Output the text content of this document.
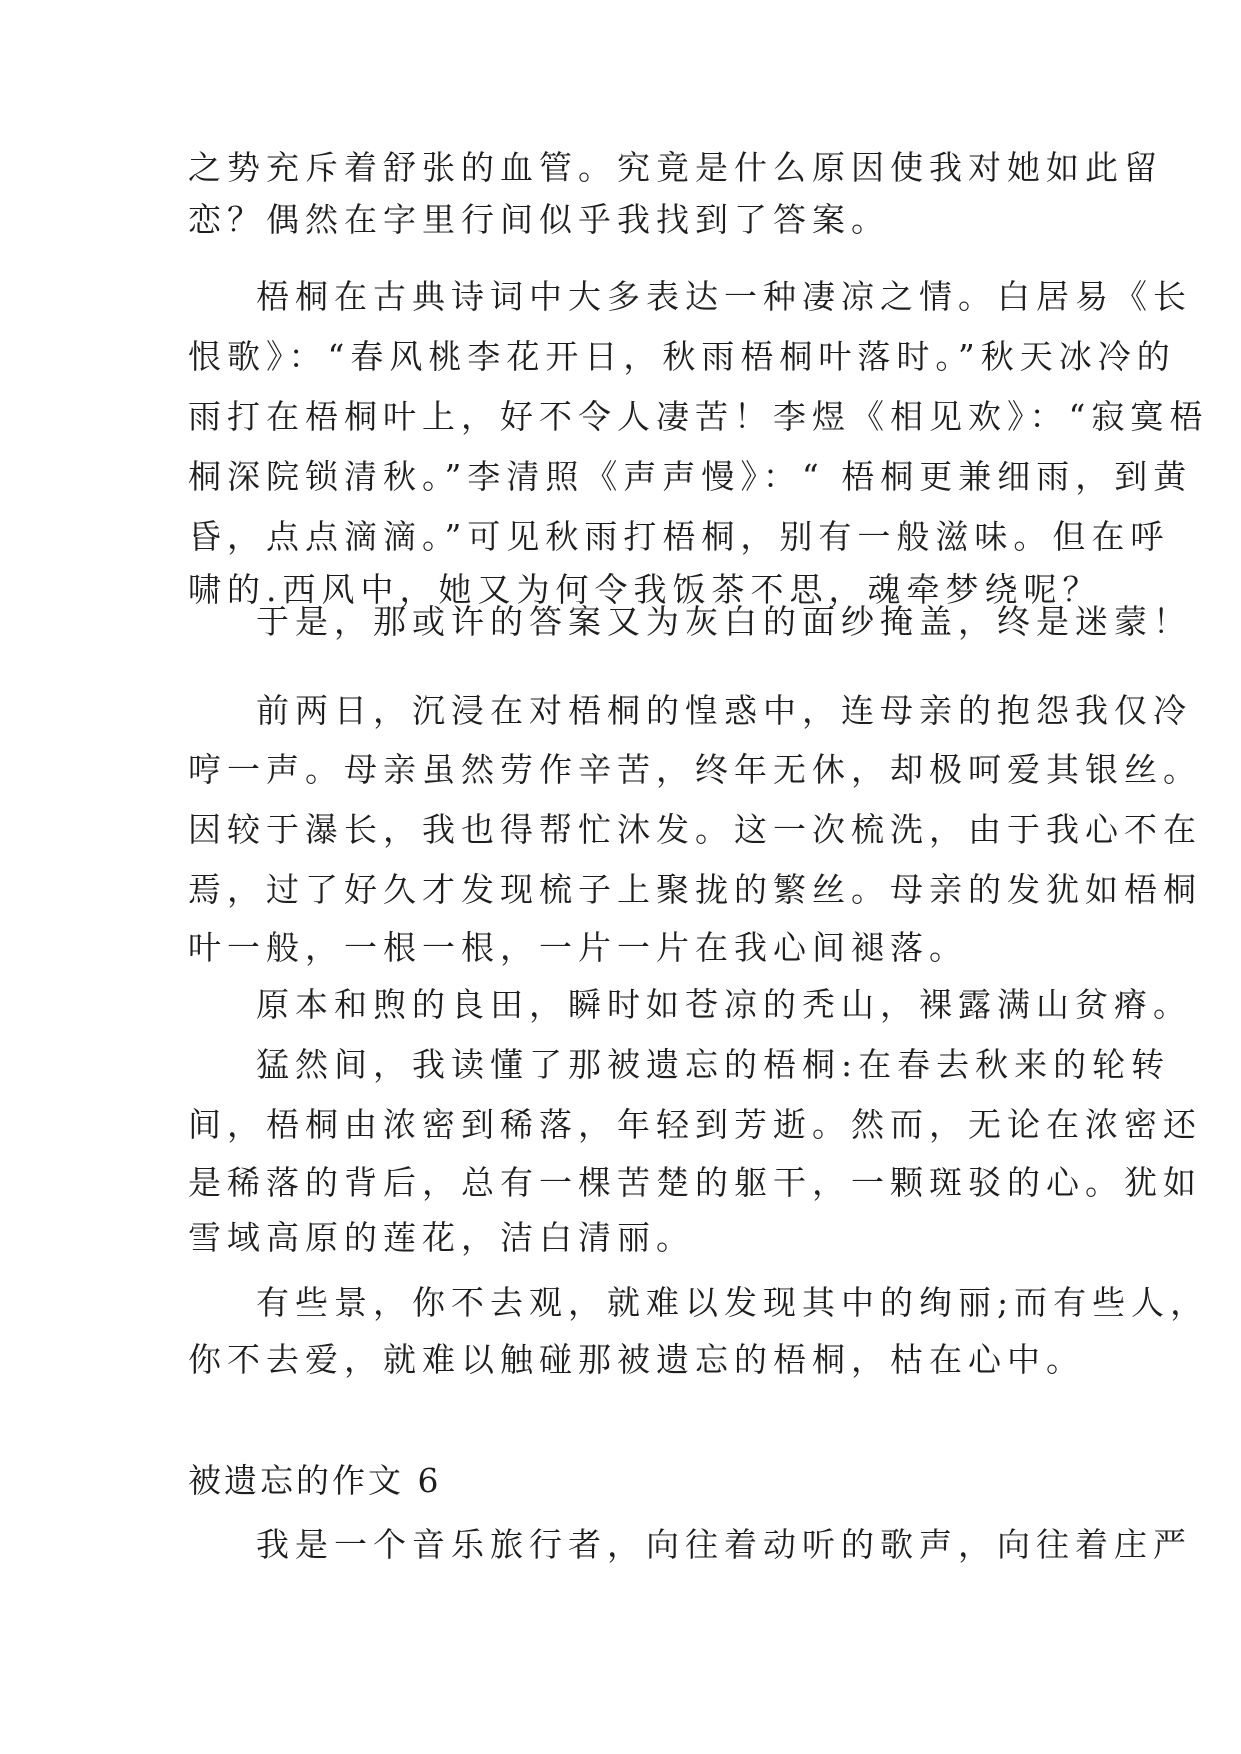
之势充斥着舒张的血管。究竟是什么原因使我对她如此留

恋？偶然在字里行间似乎我找到了答案。

梧桐在古典诗词中大多表达一种凄凉之情。白居易《长

恨歌》：“春风桃李花开日，秋雨梧桐叶落时。”秋天冰冷的

雨打在梧桐叶上，好不令人凄苦！李煜《相见欢》：“寂寞梧

桐深院锁清秋。”李清照《声声慢》：“ 梧桐更兼细雨，到黄

昏，点点滴滴。”可见秋雨打梧桐，别有一般滋味。但在呼

啸的.西风中，她又为何令我饭茶不思，魂牵梦绕呢？

于是，那或许的答案又为灰白的面纱掩盖，终是迷蒙！

前两日，沉浸在对梧桐的惶惑中，连母亲的抱怨我仅冷

哼一声。母亲虽然劳作辛苦，终年无休，却极呵爱其银丝。

因较于瀑长，我也得帮忙沐发。这一次梳洗，由于我心不在

焉，过了好久才发现梳子上聚拢的繁丝。母亲的发犹如梧桐

叶一般，一根一根，一片一片在我心间褪落。

原本和煦的良田，瞬时如苍凉的秃山，裸露满山贫瘠。

猛然间，我读懂了那被遗忘的梧桐:在春去秋来的轮转

间，梧桐由浓密到稀落，年轻到芳逝。然而，无论在浓密还

是稀落的背后，总有一棵苦楚的躯干，一颗斑驳的心。犹如

雪域高原的莲花，洁白清丽。

有些景，你不去观，就难以发现其中的绚丽;而有些人，

你不去爱，就难以触碰那被遗忘的梧桐，枯在心中。

被遗忘的作文 6

我是一个音乐旅行者，向往着动听的歌声，向往着庄严
